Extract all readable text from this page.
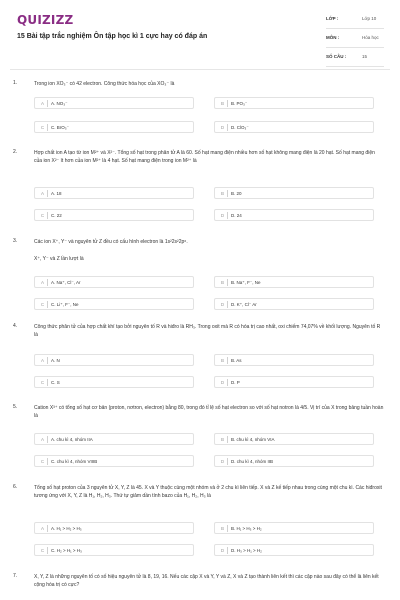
QUIZIZZ
15 Bài tập trắc nghiệm Ôn tập học kì 1 cực hay có đáp án
LỚP :	Lớp 10
MÔN :	Hóa học
SỐ CÂU :	15
1.	Trong ion XO₃⁻ có 42 electron. Công thức hóa học của XO₃⁻ là
A	A. NO₃⁻	B	B. PO₃⁻
C	C. BrO₃⁻	D	D. ClO₃⁻
2.	Hợp chất ion A tạo từ ion M²⁺ và X²⁻. Tổng số hạt trong phân tử A là 60. Số hạt mang điện nhiều hơn số hạt không mang điện là 20 hạt. Số hạt mang điện của ion X²⁻ ít hơn của ion M²⁺ là 4 hạt. Số hạt mang điện trong ion M²⁺ là
A	A. 18	B	B. 20
C	C. 22	D	D. 24
3.	Các ion X⁺, Y⁻ và nguyên tử Z đều có cấu hình electron là 1s²2s²2p⁶.
X⁺, Y⁻ và Z lần lượt là
A	A. Na⁺, Cl⁻, Ar	B	B. Na⁺, F⁻, Ne
C	C. Li⁺, F⁻, Ne	D	D. K⁺, Cl⁻ Ar
4.	Công thức phân tử của hợp chất khí tạo bởi nguyên tố R và hiđro là RH₃. Trong oxit mà R có hóa trị cao nhất, oxi chiếm 74,07% về khối lượng. Nguyên tố R là
A	A. N	B	B. As
C	C. S	D	D. P
5.	Cation X³⁺ có tổng số hạt cơ bản (proton, nơtron, electron) bằng 80, trong đó tỉ lệ số hạt electron so với số hạt notron là 4/5. Vị trí của X trong bảng tuần hoàn là
A	A. chu kì 4, nhóm IIA	B	B. chu kì 4, nhóm VIA
C	C. chu kì 4, nhóm VIIIB	D	D. chu kì 4, nhóm IIB
6.	Tổng số hạt proton của 3 nguyên tử X, Y, Z là 45. X và Y thuộc cùng một nhóm và ở 2 chu kì liên tiếp. X và Z kế tiếp nhau trong cùng một chu kì. Các hiđroxit tương ứng với X, Y, Z là H₁, H₂, H₃. Thứ tự giảm dần tính bazo của H₁, H₂, H₃ là
A	A. H₁ > H₂ > H₃	B	B. H₁ > H₃ > H₂
C	C. H₂ > H₁ > H₃	D	D. H₃ > H₁ > H₂
7.	X, Y, Z là những nguyên tố có số hiệu nguyên tử là 8, 19, 16. Nếu các cặp X và Y, Y và Z, X và Z tạo thành liên kết thì các cặp nào sau đây có thể là liên kết cộng hóa trị có cực?
